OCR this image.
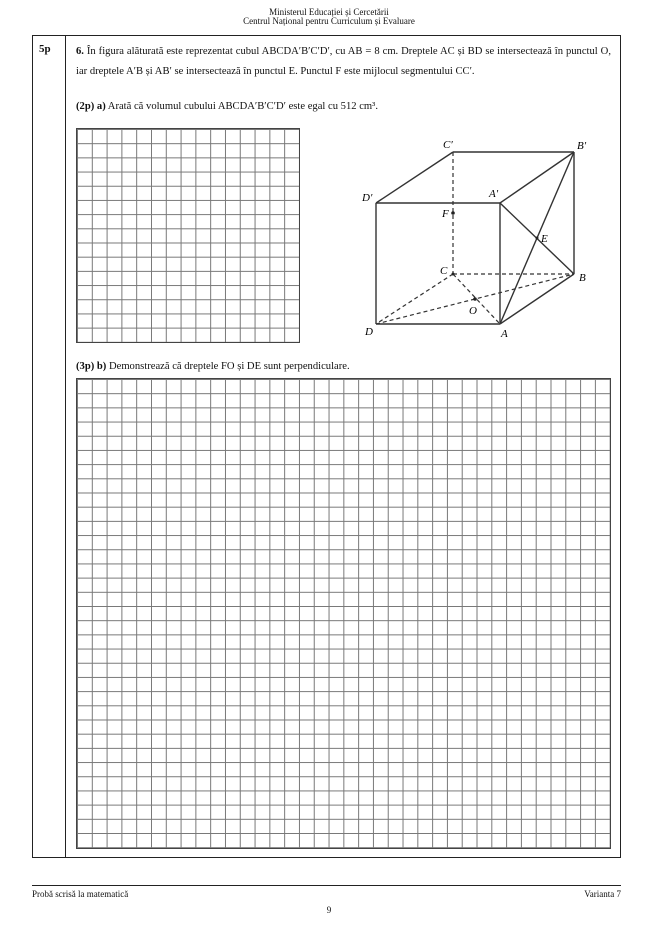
Ministerul Educației și Cercetării
Centrul Național pentru Curriculum și Evaluare
5p 6. În figura alăturată este reprezentat cubul ABCDA′B′C′D′, cu AB = 8 cm. Dreptele AC și BD se intersectează în punctul O, iar dreptele A′B și AB′ se intersectează în punctul E. Punctul F este mijlocul segmentului CC′.
(2p) a) Arată că volumul cubului ABCDA′B′C′D′ este egal cu 512 cm³.
(3p) b) Demonstrează că dreptele FO și DE sunt perpendiculare.
C′	B′
D′	A′
F
E
C
B
O
D	A
Probă scrisă la matematică	Varianta 7
9
